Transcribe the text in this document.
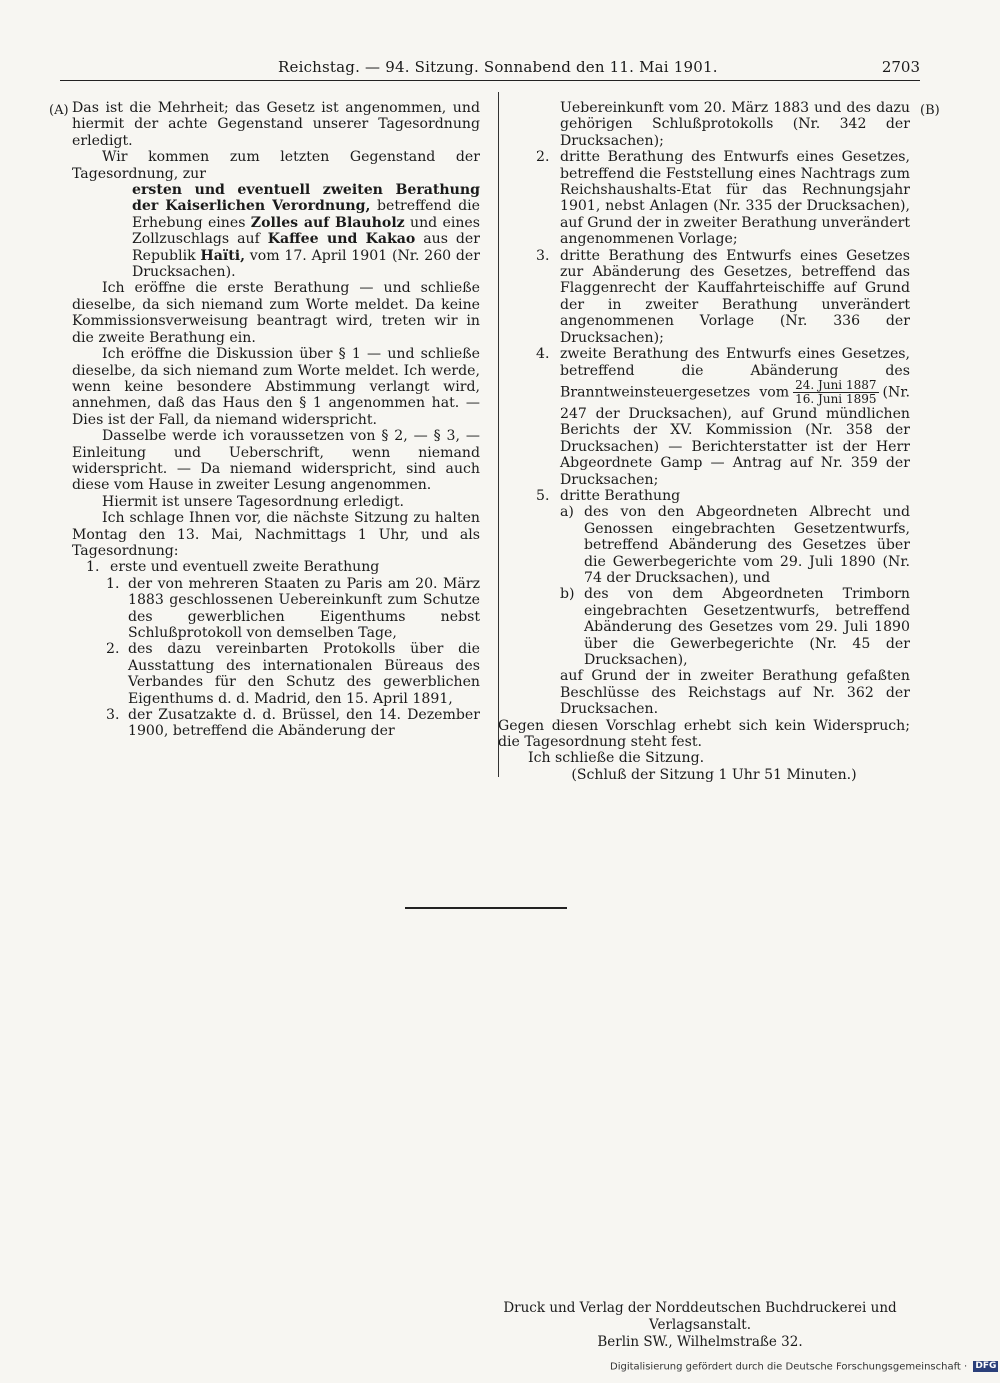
Reichstag. — 94. Sitzung. Sonnabend den 11. Mai 1901.	2703
(A)	(B)

Das ist die Mehrheit; das Gesetz ist angenommen, und hiermit der achte Gegenstand unserer Tagesordnung erledigt.

Wir kommen zum letzten Gegenstand der Tagesordnung, zur

ersten und eventuell zweiten Berathung der Kaiserlichen Verordnung, betreffend die Erhebung eines Zolles auf Blauholz und eines Zollzuschlags auf Kaffee und Kakao aus der Republik Haïti, vom 17. April 1901 (Nr. 260 der Drucksachen).

Ich eröffne die erste Berathung — und schließe dieselbe, da sich niemand zum Worte meldet. Da keine Kommissionsverweisung beantragt wird, treten wir in die zweite Berathung ein.

Ich eröffne die Diskussion über § 1 — und schließe dieselbe, da sich niemand zum Worte meldet. Ich werde, wenn keine besondere Abstimmung verlangt wird, annehmen, daß das Haus den § 1 angenommen hat. — Dies ist der Fall, da niemand widerspricht.

Dasselbe werde ich voraussetzen von § 2, — § 3, — Einleitung und Ueberschrift, wenn niemand widerspricht. — Da niemand widerspricht, sind auch diese vom Hause in zweiter Lesung angenommen.

Hiermit ist unsere Tagesordnung erledigt.

Ich schlage Ihnen vor, die nächste Sitzung zu halten Montag den 13. Mai, Nachmittags 1 Uhr, und als Tagesordnung:

1. erste und eventuell zweite Berathung
1. der von mehreren Staaten zu Paris am 20. März 1883 geschlossenen Uebereinkunft zum Schutze des gewerblichen Eigenthums nebst Schlußprotokoll von demselben Tage,
2. des dazu vereinbarten Protokolls über die Ausstattung des internationalen Büreaus des Verbandes für den Schutz des gewerblichen Eigenthums d. d. Madrid, den 15. April 1891,
3. der Zusatzakte d. d. Brüssel, den 14. Dezember 1900, betreffend die Abänderung der

Uebereinkunft vom 20. März 1883 und des dazu gehörigen Schlußprotokolls (Nr. 342 der Drucksachen);

2. dritte Berathung des Entwurfs eines Gesetzes, betreffend die Feststellung eines Nachtrags zum Reichshaushalts-Etat für das Rechnungsjahr 1901, nebst Anlagen (Nr. 335 der Drucksachen), auf Grund der in zweiter Berathung unverändert angenommenen Vorlage;
3. dritte Berathung des Entwurfs eines Gesetzes zur Abänderung des Gesetzes, betreffend das Flaggenrecht der Kauffahrteischiffe auf Grund der in zweiter Berathung unverändert angenommenen Vorlage (Nr. 336 der Drucksachen);
4. zweite Berathung des Entwurfs eines Gesetzes, betreffend die Abänderung des Branntweinsteuergesetzes vom $\frac{\text{24. Juni 1887}}{\text{16. Juni 1895}} (Nr$. 247 der Drucksachen), auf Grund mündlichen Berichts der XV. Kommission (Nr. 358 der Drucksachen) — Berichterstatter ist der Herr Abgeordnete Gamp — Antrag auf Nr. 359 der Drucksachen;
5. dritte Berathung
a) des von den Abgeordneten Albrecht und Genossen eingebrachten Gesetzentwurfs, betreffend Abänderung des Gesetzes über die Gewerbegerichte vom 29. Juli 1890 (Nr. 74 der Drucksachen), und
b) des von dem Abgeordneten Trimborn eingebrachten Gesetzentwurfs, betreffend Abänderung des Gesetzes vom 29. Juli 1890 über die Gewerbegerichte (Nr. 45 der Drucksachen),

auf Grund der in zweiter Berathung gefaßten Beschlüsse des Reichstags auf Nr. 362 der Drucksachen.

Gegen diesen Vorschlag erhebt sich kein Widerspruch; die Tagesordnung steht fest.

Ich schließe die Sitzung.

(Schluß der Sitzung 1 Uhr 51 Minuten.)

Druck und Verlag der Norddeutschen Buchdruckerei und Verlagsanstalt.
Berlin SW., Wilhelmstraße 32.
Digitalisierung gefördert durch die Deutsche Forschungsgemeinschaft · DFG
